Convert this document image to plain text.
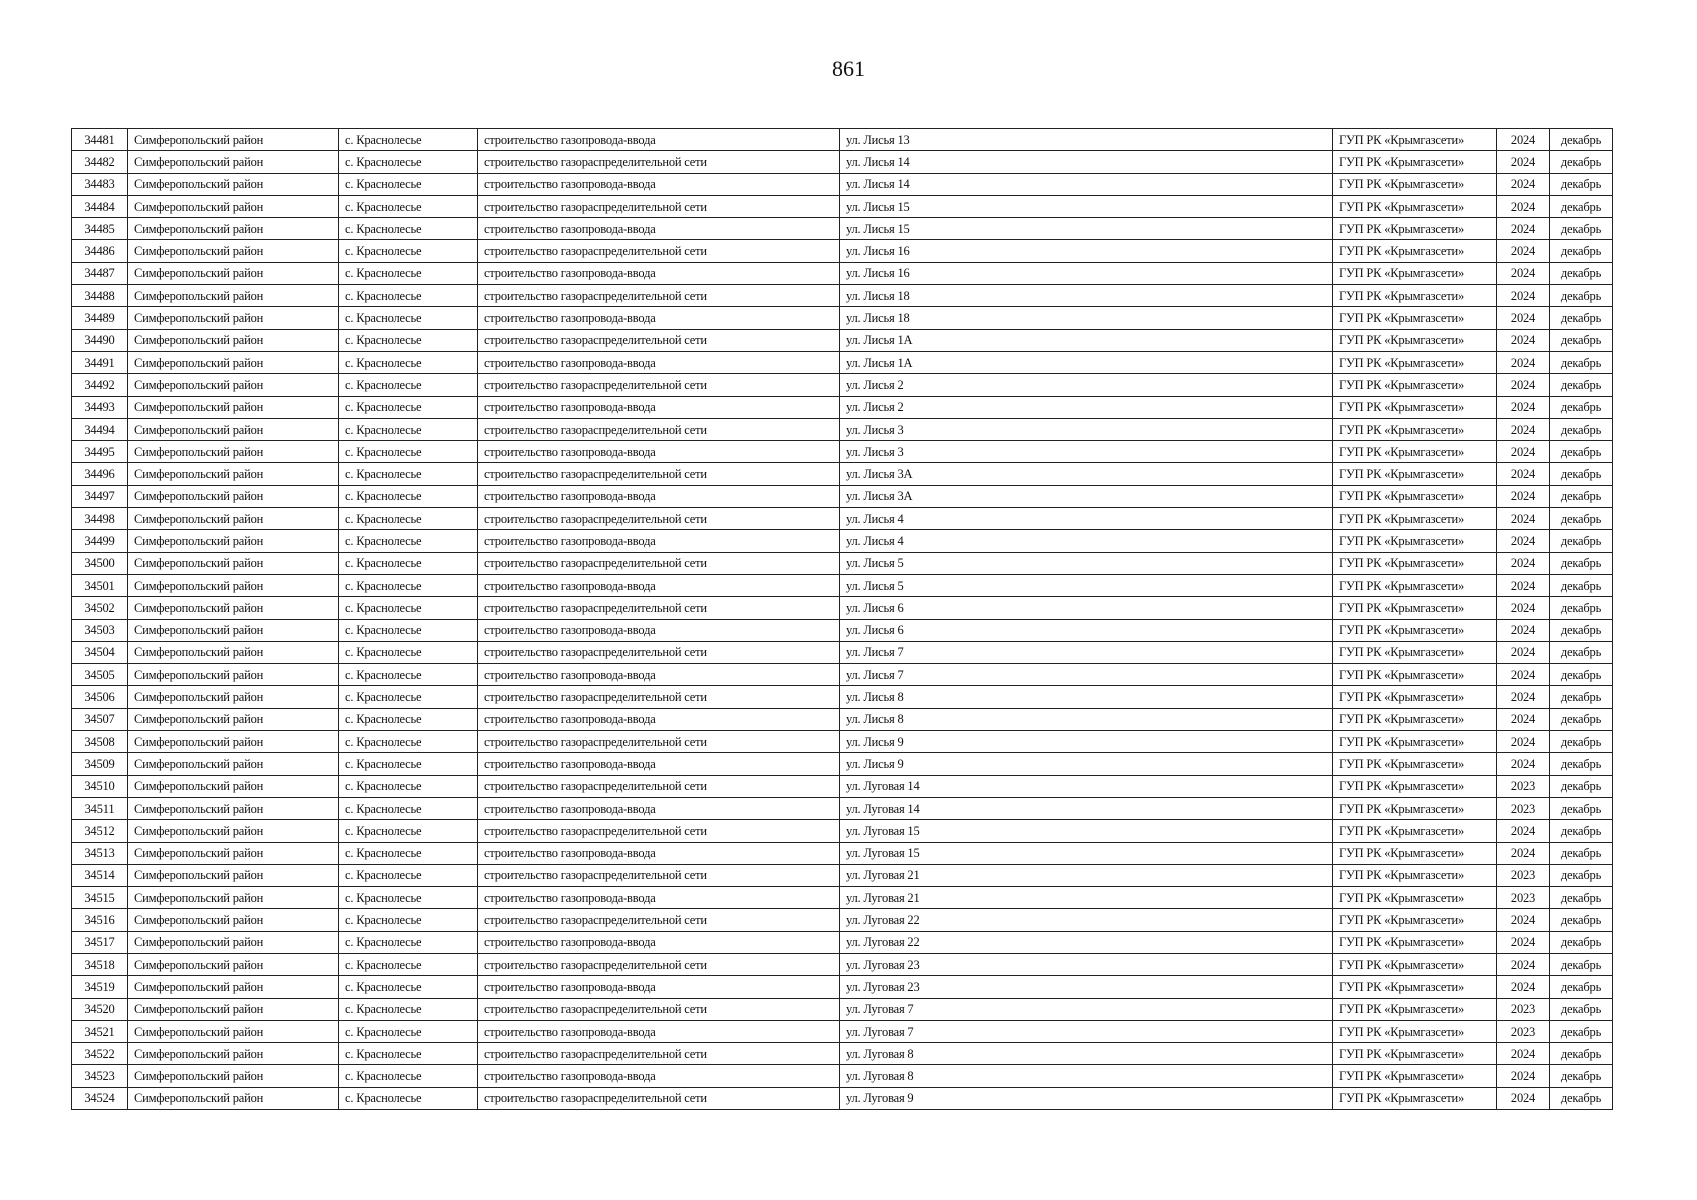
861
34481	Симферопольский район	с. Краснолесье	строительство газопровода-ввода	ул. Лисья 13	ГУП РК «Крымгазсети»	2024	декабрь
34482	Симферопольский район	с. Краснолесье	строительство газораспределительной сети	ул. Лисья 14	ГУП РК «Крымгазсети»	2024	декабрь
34483	Симферопольский район	с. Краснолесье	строительство газопровода-ввода	ул. Лисья 14	ГУП РК «Крымгазсети»	2024	декабрь
34484	Симферопольский район	с. Краснолесье	строительство газораспределительной сети	ул. Лисья 15	ГУП РК «Крымгазсети»	2024	декабрь
34485	Симферопольский район	с. Краснолесье	строительство газопровода-ввода	ул. Лисья 15	ГУП РК «Крымгазсети»	2024	декабрь
34486	Симферопольский район	с. Краснолесье	строительство газораспределительной сети	ул. Лисья 16	ГУП РК «Крымгазсети»	2024	декабрь
34487	Симферопольский район	с. Краснолесье	строительство газопровода-ввода	ул. Лисья 16	ГУП РК «Крымгазсети»	2024	декабрь
34488	Симферопольский район	с. Краснолесье	строительство газораспределительной сети	ул. Лисья 18	ГУП РК «Крымгазсети»	2024	декабрь
34489	Симферопольский район	с. Краснолесье	строительство газопровода-ввода	ул. Лисья 18	ГУП РК «Крымгазсети»	2024	декабрь
34490	Симферопольский район	с. Краснолесье	строительство газораспределительной сети	ул. Лисья 1А	ГУП РК «Крымгазсети»	2024	декабрь
34491	Симферопольский район	с. Краснолесье	строительство газопровода-ввода	ул. Лисья 1А	ГУП РК «Крымгазсети»	2024	декабрь
34492	Симферопольский район	с. Краснолесье	строительство газораспределительной сети	ул. Лисья 2	ГУП РК «Крымгазсети»	2024	декабрь
34493	Симферопольский район	с. Краснолесье	строительство газопровода-ввода	ул. Лисья 2	ГУП РК «Крымгазсети»	2024	декабрь
34494	Симферопольский район	с. Краснолесье	строительство газораспределительной сети	ул. Лисья 3	ГУП РК «Крымгазсети»	2024	декабрь
34495	Симферопольский район	с. Краснолесье	строительство газопровода-ввода	ул. Лисья 3	ГУП РК «Крымгазсети»	2024	декабрь
34496	Симферопольский район	с. Краснолесье	строительство газораспределительной сети	ул. Лисья 3А	ГУП РК «Крымгазсети»	2024	декабрь
34497	Симферопольский район	с. Краснолесье	строительство газопровода-ввода	ул. Лисья 3А	ГУП РК «Крымгазсети»	2024	декабрь
34498	Симферопольский район	с. Краснолесье	строительство газораспределительной сети	ул. Лисья 4	ГУП РК «Крымгазсети»	2024	декабрь
34499	Симферопольский район	с. Краснолесье	строительство газопровода-ввода	ул. Лисья 4	ГУП РК «Крымгазсети»	2024	декабрь
34500	Симферопольский район	с. Краснолесье	строительство газораспределительной сети	ул. Лисья 5	ГУП РК «Крымгазсети»	2024	декабрь
34501	Симферопольский район	с. Краснолесье	строительство газопровода-ввода	ул. Лисья 5	ГУП РК «Крымгазсети»	2024	декабрь
34502	Симферопольский район	с. Краснолесье	строительство газораспределительной сети	ул. Лисья 6	ГУП РК «Крымгазсети»	2024	декабрь
34503	Симферопольский район	с. Краснолесье	строительство газопровода-ввода	ул. Лисья 6	ГУП РК «Крымгазсети»	2024	декабрь
34504	Симферопольский район	с. Краснолесье	строительство газораспределительной сети	ул. Лисья 7	ГУП РК «Крымгазсети»	2024	декабрь
34505	Симферопольский район	с. Краснолесье	строительство газопровода-ввода	ул. Лисья 7	ГУП РК «Крымгазсети»	2024	декабрь
34506	Симферопольский район	с. Краснолесье	строительство газораспределительной сети	ул. Лисья 8	ГУП РК «Крымгазсети»	2024	декабрь
34507	Симферопольский район	с. Краснолесье	строительство газопровода-ввода	ул. Лисья 8	ГУП РК «Крымгазсети»	2024	декабрь
34508	Симферопольский район	с. Краснолесье	строительство газораспределительной сети	ул. Лисья 9	ГУП РК «Крымгазсети»	2024	декабрь
34509	Симферопольский район	с. Краснолесье	строительство газопровода-ввода	ул. Лисья 9	ГУП РК «Крымгазсети»	2024	декабрь
34510	Симферопольский район	с. Краснолесье	строительство газораспределительной сети	ул. Луговая 14	ГУП РК «Крымгазсети»	2023	декабрь
34511	Симферопольский район	с. Краснолесье	строительство газопровода-ввода	ул. Луговая 14	ГУП РК «Крымгазсети»	2023	декабрь
34512	Симферопольский район	с. Краснолесье	строительство газораспределительной сети	ул. Луговая 15	ГУП РК «Крымгазсети»	2024	декабрь
34513	Симферопольский район	с. Краснолесье	строительство газопровода-ввода	ул. Луговая 15	ГУП РК «Крымгазсети»	2024	декабрь
34514	Симферопольский район	с. Краснолесье	строительство газораспределительной сети	ул. Луговая 21	ГУП РК «Крымгазсети»	2023	декабрь
34515	Симферопольский район	с. Краснолесье	строительство газопровода-ввода	ул. Луговая 21	ГУП РК «Крымгазсети»	2023	декабрь
34516	Симферопольский район	с. Краснолесье	строительство газораспределительной сети	ул. Луговая 22	ГУП РК «Крымгазсети»	2024	декабрь
34517	Симферопольский район	с. Краснолесье	строительство газопровода-ввода	ул. Луговая 22	ГУП РК «Крымгазсети»	2024	декабрь
34518	Симферопольский район	с. Краснолесье	строительство газораспределительной сети	ул. Луговая 23	ГУП РК «Крымгазсети»	2024	декабрь
34519	Симферопольский район	с. Краснолесье	строительство газопровода-ввода	ул. Луговая 23	ГУП РК «Крымгазсети»	2024	декабрь
34520	Симферопольский район	с. Краснолесье	строительство газораспределительной сети	ул. Луговая 7	ГУП РК «Крымгазсети»	2023	декабрь
34521	Симферопольский район	с. Краснолесье	строительство газопровода-ввода	ул. Луговая 7	ГУП РК «Крымгазсети»	2023	декабрь
34522	Симферопольский район	с. Краснолесье	строительство газораспределительной сети	ул. Луговая 8	ГУП РК «Крымгазсети»	2024	декабрь
34523	Симферопольский район	с. Краснолесье	строительство газопровода-ввода	ул. Луговая 8	ГУП РК «Крымгазсети»	2024	декабрь
34524	Симферопольский район	с. Краснолесье	строительство газораспределительной сети	ул. Луговая 9	ГУП РК «Крымгазсети»	2024	декабрь
